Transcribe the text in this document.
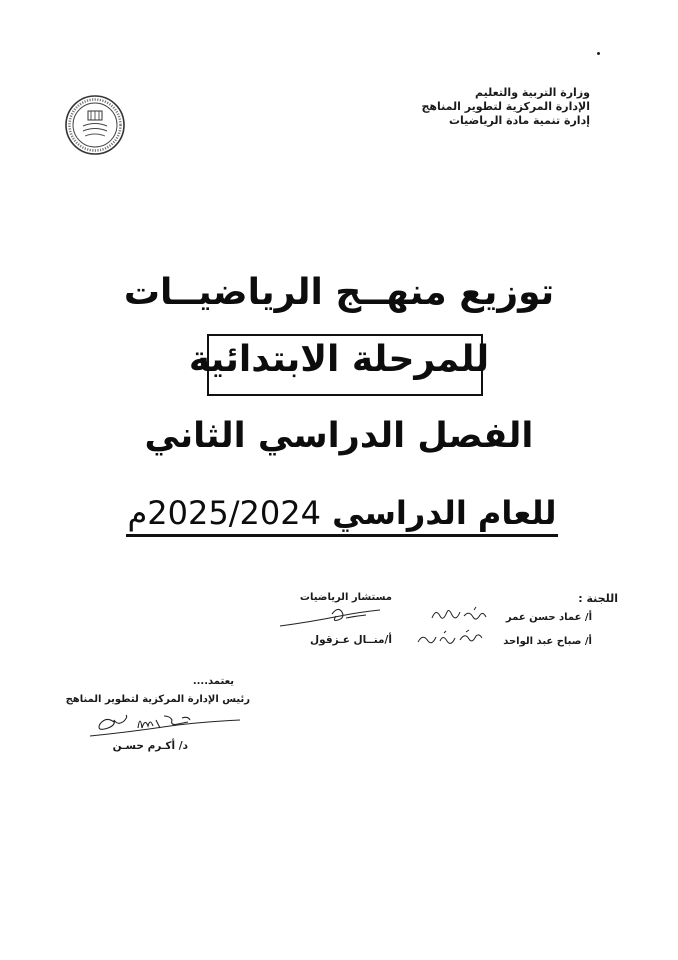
وزارة التربية والتعليم
الإدارة المركزية لتطوير المناهج
إدارة تنمية مادة الرياضيات
توزيع منهــج الرياضيــات
للمرحلة الابتدائية
الفصل الدراسي الثاني
للعام الدراسي 2025/2024م
اللجنة :
أ/ عماد حسن عمر
أ/ صباح عبد الواحد
مستشار الرياضيات
أ/منــال عـزقول
يعتمد....
رئيس الإدارة المركزية لتطوير المناهج
د/ أكـرم حسـن
